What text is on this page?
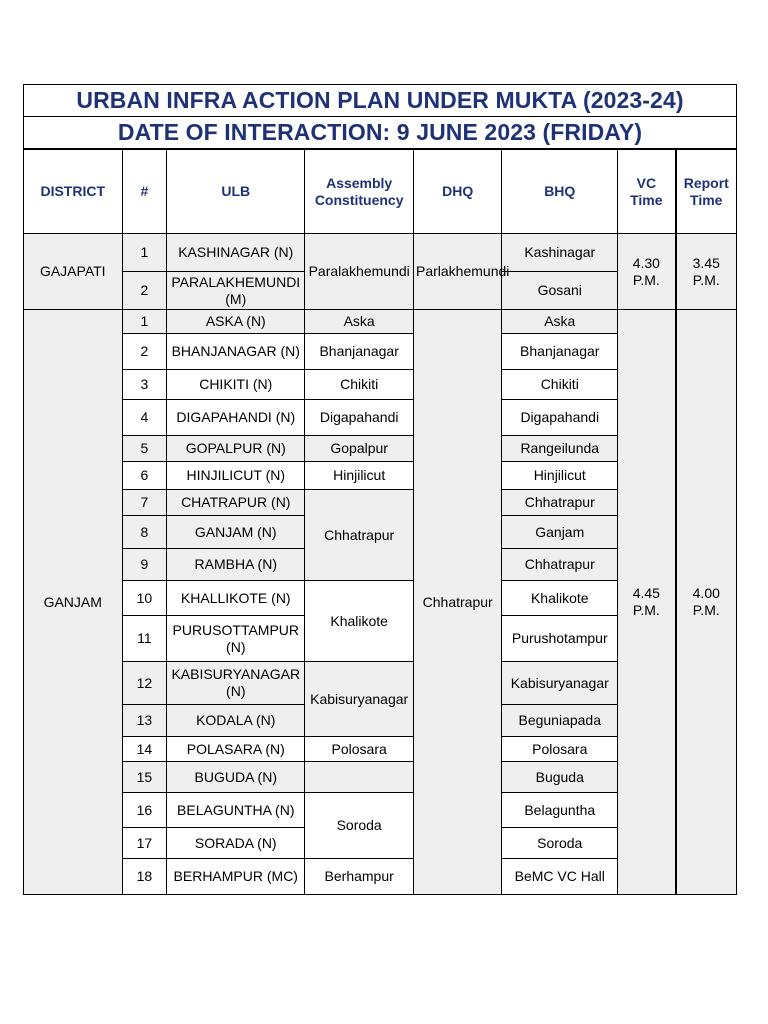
URBAN INFRA ACTION PLAN UNDER MUKTA (2023-24)
DATE OF INTERACTION: 9 JUNE 2023 (FRIDAY)
DISTRICT	#	ULB	Assembly Constituency	DHQ	BHQ	VC Time	Report Time
GAJAPATI	1	KASHINAGAR (N)	Paralakhemundi	Parlakhemundi	Kashinagar	4.30 P.M.	3.45 P.M.
	2	PARALAKHEMUNDI (M)			Gosani		
GANJAM	1	ASKA (N)	Aska	Chhatrapur	Aska	4.45 P.M.	4.00 P.M.
	2	BHANJANAGAR (N)	Bhanjanagar		Bhanjanagar		
	3	CHIKITI (N)	Chikiti		Chikiti		
	4	DIGAPAHANDI (N)	Digapahandi		Digapahandi		
	5	GOPALPUR (N)	Gopalpur		Rangeilunda		
	6	HINJILICUT (N)	Hinjilicut		Hinjilicut		
	7	CHATRAPUR (N)	Chhatrapur		Chhatrapur		
	8	GANJAM (N)			Ganjam		
	9	RAMBHA (N)			Chhatrapur		
	10	KHALLIKOTE (N)	Khalikote		Khalikote		
	11	PURUSOTTAMPUR (N)			Purushotampur		
	12	KABISURYANAGAR (N)	Kabisuryanagar		Kabisuryanagar		
	13	KODALA (N)			Beguniapada		
	14	POLASARA (N)	Polosara		Polosara		
	15	BUGUDA (N)			Buguda		
	16	BELAGUNTHA (N)	Soroda		Belaguntha		
	17	SORADA (N)			Soroda		
	18	BERHAMPUR (MC)	Berhampur		BeMC VC Hall		
